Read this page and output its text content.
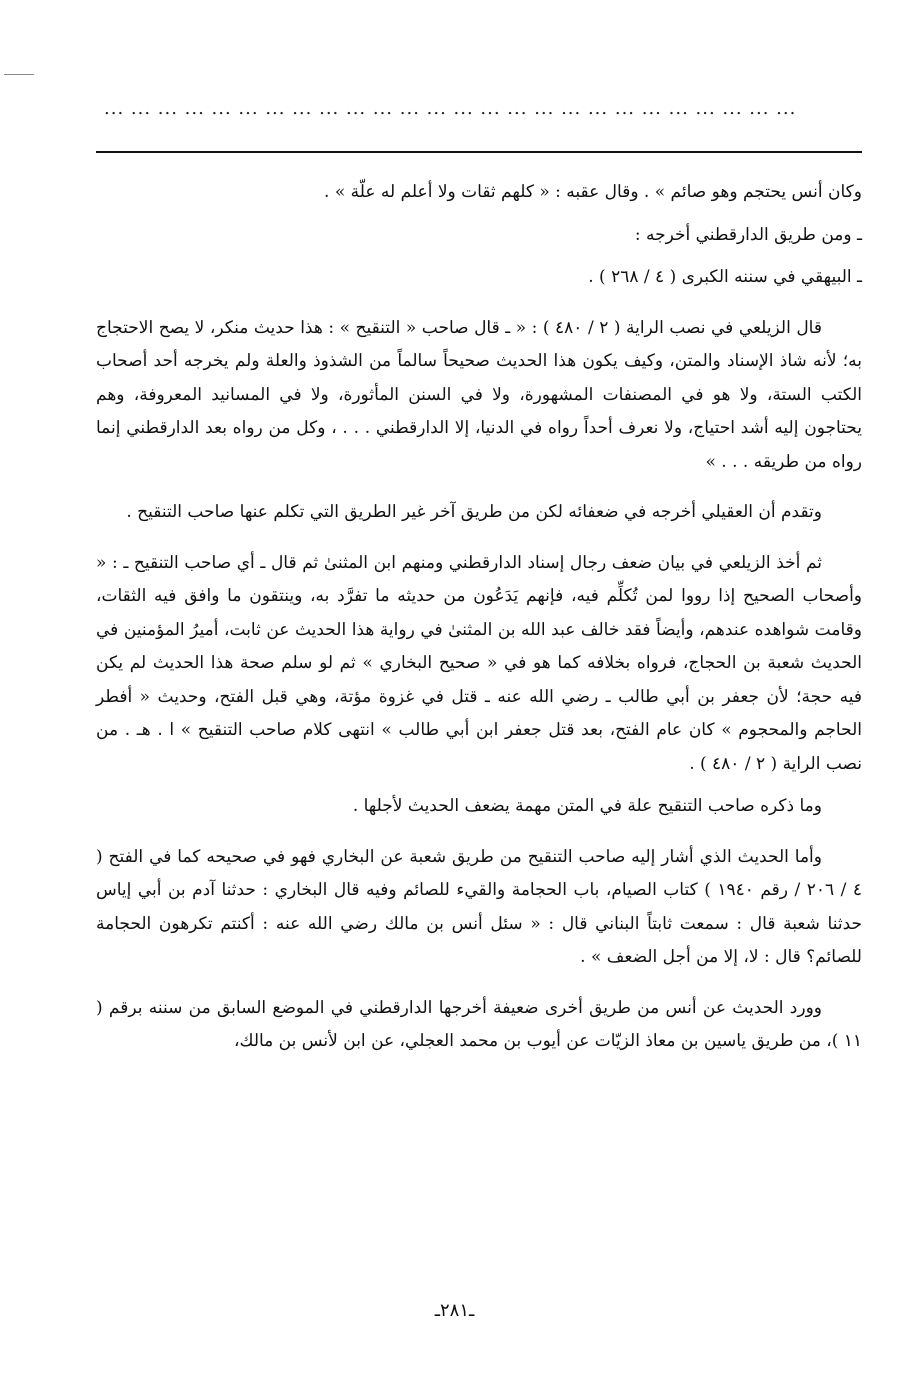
... ... ... ... ... ... ... ... ... ... ... ... ... ... ... ... ... ... ... ... ... ... ... ... ... ...

وكان أنس يحتجم وهو صائم » . وقال عقبه : « كلهم ثقات ولا أعلم له علّة » .

ـ ومن طريق الدارقطني أخرجه :

ـ البيهقي في سننه الكبرى ( ٤ / ٢٦٨ ) .

قال الزيلعي في نصب الراية ( ٢ / ٤٨٠ ) : « ـ قال صاحب « التنقيح » : هذا حديث منكر، لا يصح الاحتجاج به؛ لأنه شاذ الإسناد والمتن، وكيف يكون هذا الحديث صحيحاً سالماً من الشذوذ والعلة ولم يخرجه أحد أصحاب الكتب الستة، ولا هو في المصنفات المشهورة، ولا في السنن المأثورة، ولا في المسانيد المعروفة، وهم يحتاجون إليه أشد احتياج، ولا نعرف أحداً رواه في الدنيا، إلا الدارقطني . . . ، وكل من رواه بعد الدارقطني إنما رواه من طريقه . . . »

وتقدم أن العقيلي أخرجه في ضعفائه لكن من طريق آخر غير الطريق التي تكلم عنها صاحب التنقيح .

ثم أخذ الزيلعي في بيان ضعف رجال إسناد الدارقطني ومنهم ابن المثنىٰ ثم قال ـ أي صاحب التنقيح ـ : « وأصحاب الصحيح إذا رووا لمن تُكلِّم فيه، فإنهم يَدَعُون من حديثه ما تفرَّد به، وينتقون ما وافق فيه الثقات، وقامت شواهده عندهم، وأيضاً فقد خالف عبد الله بن المثنىٰ في رواية هذا الحديث عن ثابت، أميرُ المؤمنين في الحديث شعبة بن الحجاج، فرواه بخلافه كما هو في « صحيح البخاري » ثم لو سلم صحة هذا الحديث لم يكن فيه حجة؛ لأن جعفر بن أبي طالب ـ رضي الله عنه ـ قتل في غزوة مؤتة، وهي قبل الفتح، وحديث « أفطر الحاجم والمحجوم » كان عام الفتح، بعد قتل جعفر ابن أبي طالب » انتهى كلام صاحب التنقيح » ا . هـ . من نصب الراية ( ٢ / ٤٨٠ ) .

وما ذكره صاحب التنقيح علة في المتن مهمة يضعف الحديث لأجلها .

وأما الحديث الذي أشار إليه صاحب التنقيح من طريق شعبة عن البخاري فهو في صحيحه كما في الفتح ( ٤ / ٢٠٦ / رقم ١٩٤٠ ) كتاب الصيام، باب الحجامة والقيء للصائم وفيه قال البخاري : حدثنا آدم بن أبي إياس حدثنا شعبة قال : سمعت ثابتاً البناني قال : « سئل أنس بن مالك رضي الله عنه : أكنتم تكرهون الحجامة للصائم؟ قال : لا، إلا من أجل الضعف » .

وورد الحديث عن أنس من طريق أخرى ضعيفة أخرجها الدارقطني في الموضع السابق من سننه برقم ( ١١ )، من طريق ياسين بن معاذ الزيّات عن أيوب بن محمد العجلي، عن ابن لأنس بن مالك،

ـ٢٨١ـ
